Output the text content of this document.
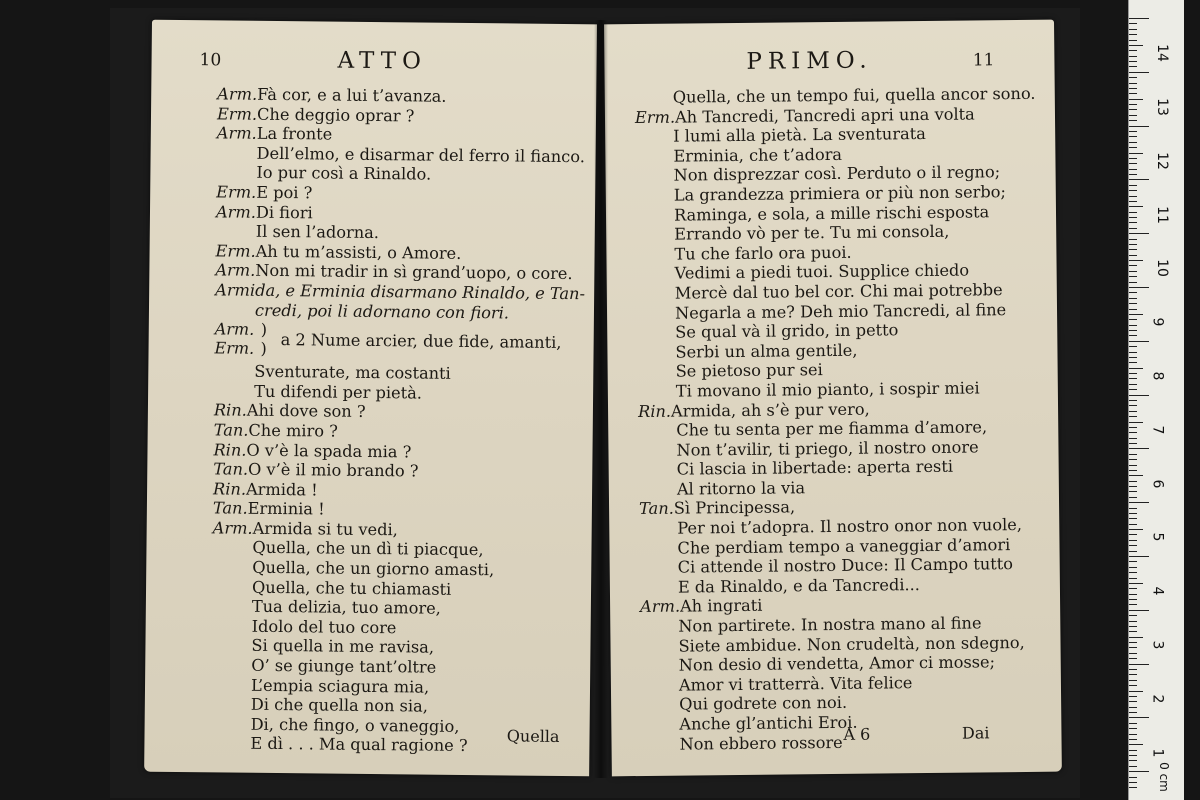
10	ATTO
Arm.Fà cor, e a lui t’avanza.
Erm.Che deggio oprar ?
Arm.La fronte
Dell’elmo, e disarmar del ferro il fianco.
Io pur così a Rinaldo.
Erm.E poi ?
Arm.Di fiori
Il sen l’adorna.
Erm.Ah tu m’assisti, o Amore.
Arm.Non mi tradir in sì grand’uopo, o core.
Armida, e Erminia disarmano Rinaldo, e Tan-
credi, poi li adornano con fiori.
Arm.
Erm.
)
) a 2 Nume arcier, due fide, amanti,
Sventurate, ma costanti
Tu difendi per pietà.
Rin.Ahi dove son ?
Tan.Che miro ?
Rin.O v’è la spada mia ?
Tan.O v’è il mio brando ?
Rin.Armida !
Tan.Erminia !
Arm.Armida si tu vedi,
Quella, che un dì ti piacque,
Quella, che un giorno amasti,
Quella, che tu chiamasti
Tua delizia, tuo amore,
Idolo del tuo core
Si quella in me ravisa,
O’ se giunge tant’oltre
L’empia sciagura mia,
Di che quella non sia,
Di, che fingo, o vaneggio,
E dì . . . Ma qual ragione ?	Quella
PRIMO.	11
Quella, che un tempo fui, quella ancor sono.
Erm.Ah Tancredi, Tancredi apri una volta
I lumi alla pietà. La sventurata
Erminia, che t’adora
Non disprezzar così. Perduto o il regno;
La grandezza primiera or più non serbo;
Raminga, e sola, a mille rischi esposta
Errando vò per te. Tu mi consola,
Tu che farlo ora puoi.
Vedimi a piedi tuoi. Supplice chiedo
Mercè dal tuo bel cor. Chi mai potrebbe
Negarla a me? Deh mio Tancredi, al fine
Se qual và il grido, in petto
Serbi un alma gentile,
Se pietoso pur sei
Ti movano il mio pianto, i sospir miei
Rin.Armida, ah s’è pur vero,
Che tu senta per me fiamma d’amore,
Non t’avilir, ti priego, il nostro onore
Ci lascia in libertade: aperta resti
Al ritorno la via
Tan.Sì Principessa,
Per noi t’adopra. Il nostro onor non vuole,
Che perdiam tempo a vaneggiar d’amori
Ci attende il nostro Duce: Il Campo tutto
E da Rinaldo, e da Tancredi...
Arm.Ah ingrati
Non partirete. In nostra mano al fine
Siete ambidue. Non crudeltà, non sdegno,
Non desio di vendetta, Amor ci mosse;
Amor vi tratterrà. Vita felice
Qui godrete con noi.
Anche gl’antichi Eroi.
Non ebbero rossore A 6	Dai
0 cm
14
13
12
11
10
9
8
7
6
5
4
3
2
1
